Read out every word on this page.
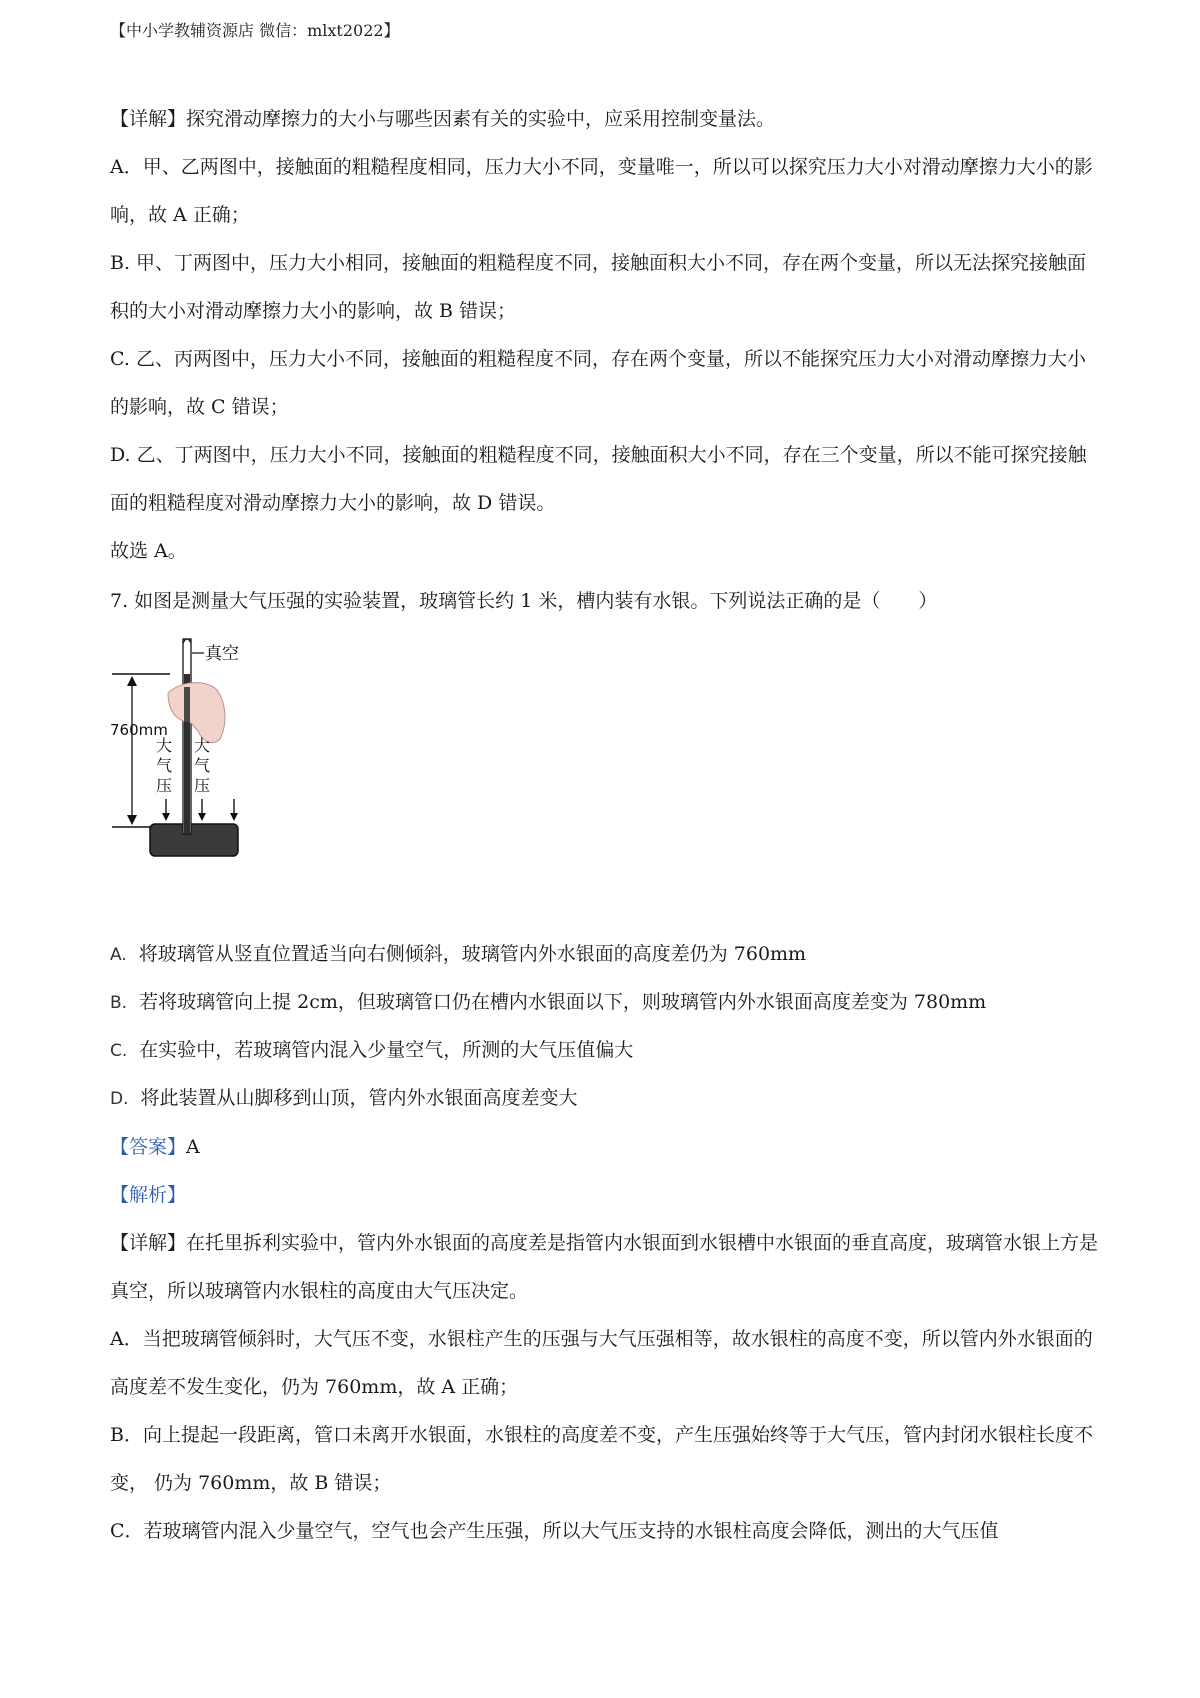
【中小学教辅资源店 微信：mlxt2022】

【详解】探究滑动摩擦力的大小与哪些因素有关的实验中，应采用控制变量法。

A．甲、乙两图中，接触面的粗糙程度相同，压力大小不同，变量唯一，所以可以探究压力大小对滑动摩擦力大小的影响，故 A 正确；

B. 甲、丁两图中，压力大小相同，接触面的粗糙程度不同，接触面积大小不同，存在两个变量，所以无法探究接触面积的大小对滑动摩擦力大小的影响，故 B 错误；

C. 乙、丙两图中，压力大小不同，接触面的粗糙程度不同，存在两个变量，所以不能探究压力大小对滑动摩擦力大小的影响，故 C 错误；

D. 乙、丁两图中，压力大小不同，接触面的粗糙程度不同，接触面积大小不同，存在三个变量，所以不能可探究接触面的粗糙程度对滑动摩擦力大小的影响，故 D 错误。

故选 A。

7. 如图是测量大气压强的实验装置，玻璃管长约 1 米，槽内装有水银。下列说法正确的是（　　）

真空
760mm
大
气
压
大
气
压

A. 将玻璃管从竖直位置适当向右侧倾斜，玻璃管内外水银面的高度差仍为 760mm

B. 若将玻璃管向上提 2cm，但玻璃管口仍在槽内水银面以下，则玻璃管内外水银面高度差变为 780mm

C. 在实验中，若玻璃管内混入少量空气，所测的大气压值偏大

D. 将此装置从山脚移到山顶，管内外水银面高度差变大

【答案】A

【解析】

【详解】在托里拆利实验中，管内外水银面的高度差是指管内水银面到水银槽中水银面的垂直高度，玻璃管水银上方是真空，所以玻璃管内水银柱的高度由大气压决定。

A．当把玻璃管倾斜时，大气压不变，水银柱产生的压强与大气压强相等，故水银柱的高度不变，所以管内外水银面的高度差不发生变化，仍为 760mm，故 A 正确；

B．向上提起一段距离，管口未离开水银面，水银柱的高度差不变，产生压强始终等于大气压，管内封闭水银柱长度不变， 仍为 760mm，故 B 错误；

C．若玻璃管内混入少量空气，空气也会产生压强，所以大气压支持的水银柱高度会降低，测出的大气压值
